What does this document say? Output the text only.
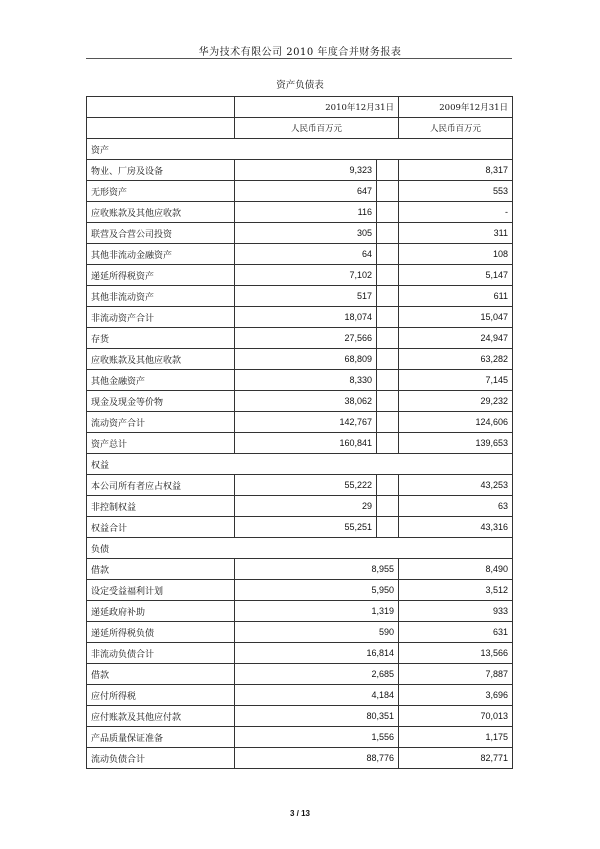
华为技术有限公司 2010 年度合并财务报表
资产负债表
	2010年12月31日		2009年12月31日
	人民币百万元		人民币百万元
资产			
物业、厂房及设备	9,323		8,317
无形资产	647		553
应收账款及其他应收款	116		-
联营及合营公司投资	305		311
其他非流动金融资产	64		108
递延所得税资产	7,102		5,147
其他非流动资产	517		611
非流动资产合计	18,074		15,047
存货	27,566		24,947
应收账款及其他应收款	68,809		63,282
其他金融资产	8,330		7,145
现金及现金等价物	38,062		29,232
流动资产合计	142,767		124,606
资产总计	160,841		139,653
权益			
本公司所有者应占权益	55,222		43,253
非控制权益	29		63
权益合计	55,251		43,316
负债			
借款	8,955		8,490
设定受益福利计划	5,950		3,512
递延政府补助	1,319		933
递延所得税负债	590		631
非流动负债合计	16,814		13,566
借款	2,685		7,887
应付所得税	4,184		3,696
应付账款及其他应付款	80,351		70,013
产品质量保证准备	1,556		1,175
流动负债合计	88,776		82,771
3 / 13
